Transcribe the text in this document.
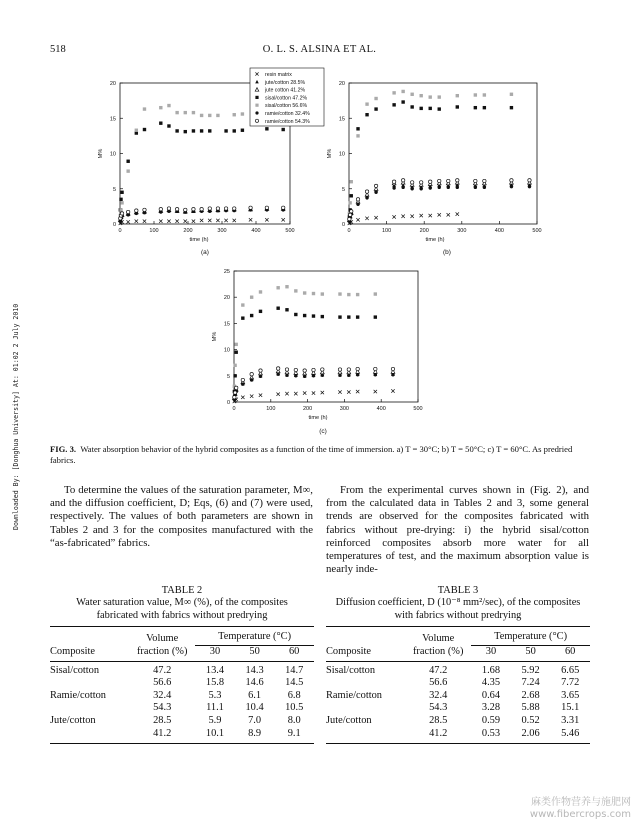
518	O. L. S. ALSINA ET AL.
Downloaded By: [Donghua University] At: 01:02 2 July 2010
0	100	200	300	400	500
0
5
10
15
20
time (h)
M%
(a)
resin matrix
jute/cotton 28.5%
jute cotton 41.2%
sisal/cotton 47.2%
sisal/cotton 56.6%
ramie/cotton 32.4%
ramie/cotton 54.3%
0	100	200	300	400	500
0
5
10
15
20
time (h)
M%
(b)
0	100	200	300	400	500
0
5
10
15
20
25
time (h)
M%
(c)
FIG. 3. Water absorption behavior of the hybrid composites as a function of the time of immersion. a) T = 30°C; b) T = 50°C; c) T = 60°C. As predried fabrics.
To determine the values of the saturation parameter, M∞, and the diffusion coefficient, D; Eqs, (6) and (7) were used, respectively. The values of both parameters are shown in Tables 2 and 3 for the composites manufactured with the “as-fabricated” fabrics.
From the experimental curves shown in (Fig. 2), and from the calculated data in Tables 2 and 3, some general trends are observed for the composites fabricated with fabrics without pre-drying: i) the hybrid sisal/cotton reinforced composites absorb more water for all temperatures of test, and the maximum absorption value is nearly inde-
TABLE 2
Water saturation value, M∞ (%), of the composites
fabricated with fabrics without predrying
	Volume	Temperature (°C)		
Composite	fraction (%)	30	50	60
Sisal/cotton	47.2	13.4	14.3	14.7
	56.6	15.8	14.6	14.5
Ramie/cotton	32.4	5.3	6.1	6.8
	54.3	11.1	10.4	10.5
Jute/cotton	28.5	5.9	7.0	8.0
	41.2	10.1	8.9	9.1
TABLE 3
Diffusion coefficient, D (10⁻⁸ mm²/sec), of the composites
with fabrics without predrying
	Volume	Temperature (°C)		
Composite	fraction (%)	30	50	60
Sisal/cotton	47.2	1.68	5.92	6.65
	56.6	4.35	7.24	7.72
Ramie/cotton	32.4	0.64	2.68	3.65
	54.3	3.28	5.88	15.1
Jute/cotton	28.5	0.59	0.52	3.31
	41.2	0.53	2.06	5.46
麻类作物营养与施肥网
www.fibercrops.com
